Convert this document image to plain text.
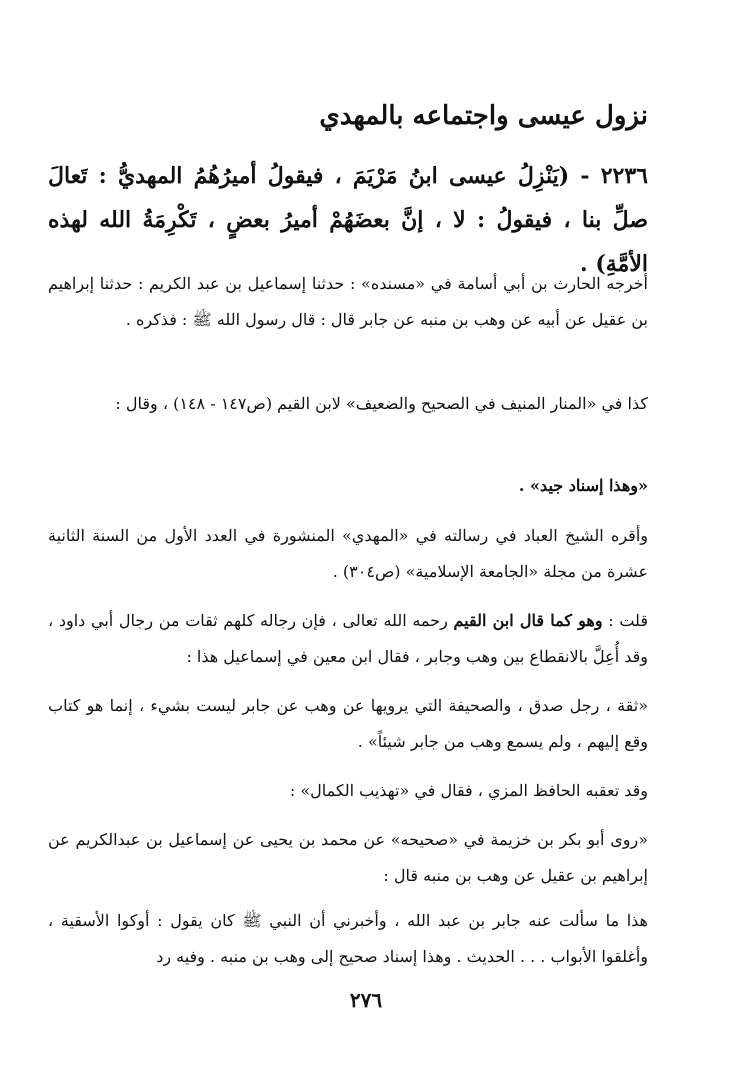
نزول عيسى واجتماعه بالمهدي
٢٢٣٦ - (يَنْزِلُ عيسى ابنُ مَرْيَمَ ، فيقولُ أميرُهُمُ المهديُّ : تَعالَ صلِّ بنا ، فيقولُ : لا ، إنَّ بعضَهُمْ أميرُ بعضٍ ، تَكْرِمَةُ الله لهذه الأمَّةِ) .
أخرجه الحارث بن أبي أسامة في «مسنده» : حدثنا إسماعيل بن عبد الكريم : حدثنا إبراهيم بن عقيل عن أبيه عن وهب بن منبه عن جابر قال : قال رسول الله ﷺ : فذكره .
كذا في «المنار المنيف في الصحيح والضعيف» لابن القيم (ص١٤٧ - ١٤٨) ، وقال :
«وهذا إسناد جيد» .
وأقره الشيخ العباد في رسالته في «المهدي» المنشورة في العدد الأول من السنة الثانية عشرة من مجلة «الجامعة الإسلامية» (ص٣٠٤) .
قلت : وهو كما قال ابن القيم رحمه الله تعالى ، فإن رجاله كلهم ثقات من رجال أبي داود ، وقد أُعِلَّ بالانقطاع بين وهب وجابر ، فقال ابن معين في إسماعيل هذا :
«ثقة ، رجل صدق ، والصحيفة التي يرويها عن وهب عن جابر ليست بشيء ، إنما هو كتاب وقع إليهم ، ولم يسمع وهب من جابر شيئاً» .
وقد تعقبه الحافظ المزي ، فقال في «تهذيب الكمال» :
«روى أبو بكر بن خزيمة في «صحيحه» عن محمد بن يحيى عن إسماعيل بن عبدالكريم عن إبراهيم بن عقيل عن وهب بن منبه قال :
هذا ما سألت عنه جابر بن عبد الله ، وأخبرني أن النبي ﷺ كان يقول : أوكوا الأسقية ، وأغلقوا الأبواب . . . الحديث . وهذا إسناد صحيح إلى وهب بن منبه . وفيه رد
٢٧٦
